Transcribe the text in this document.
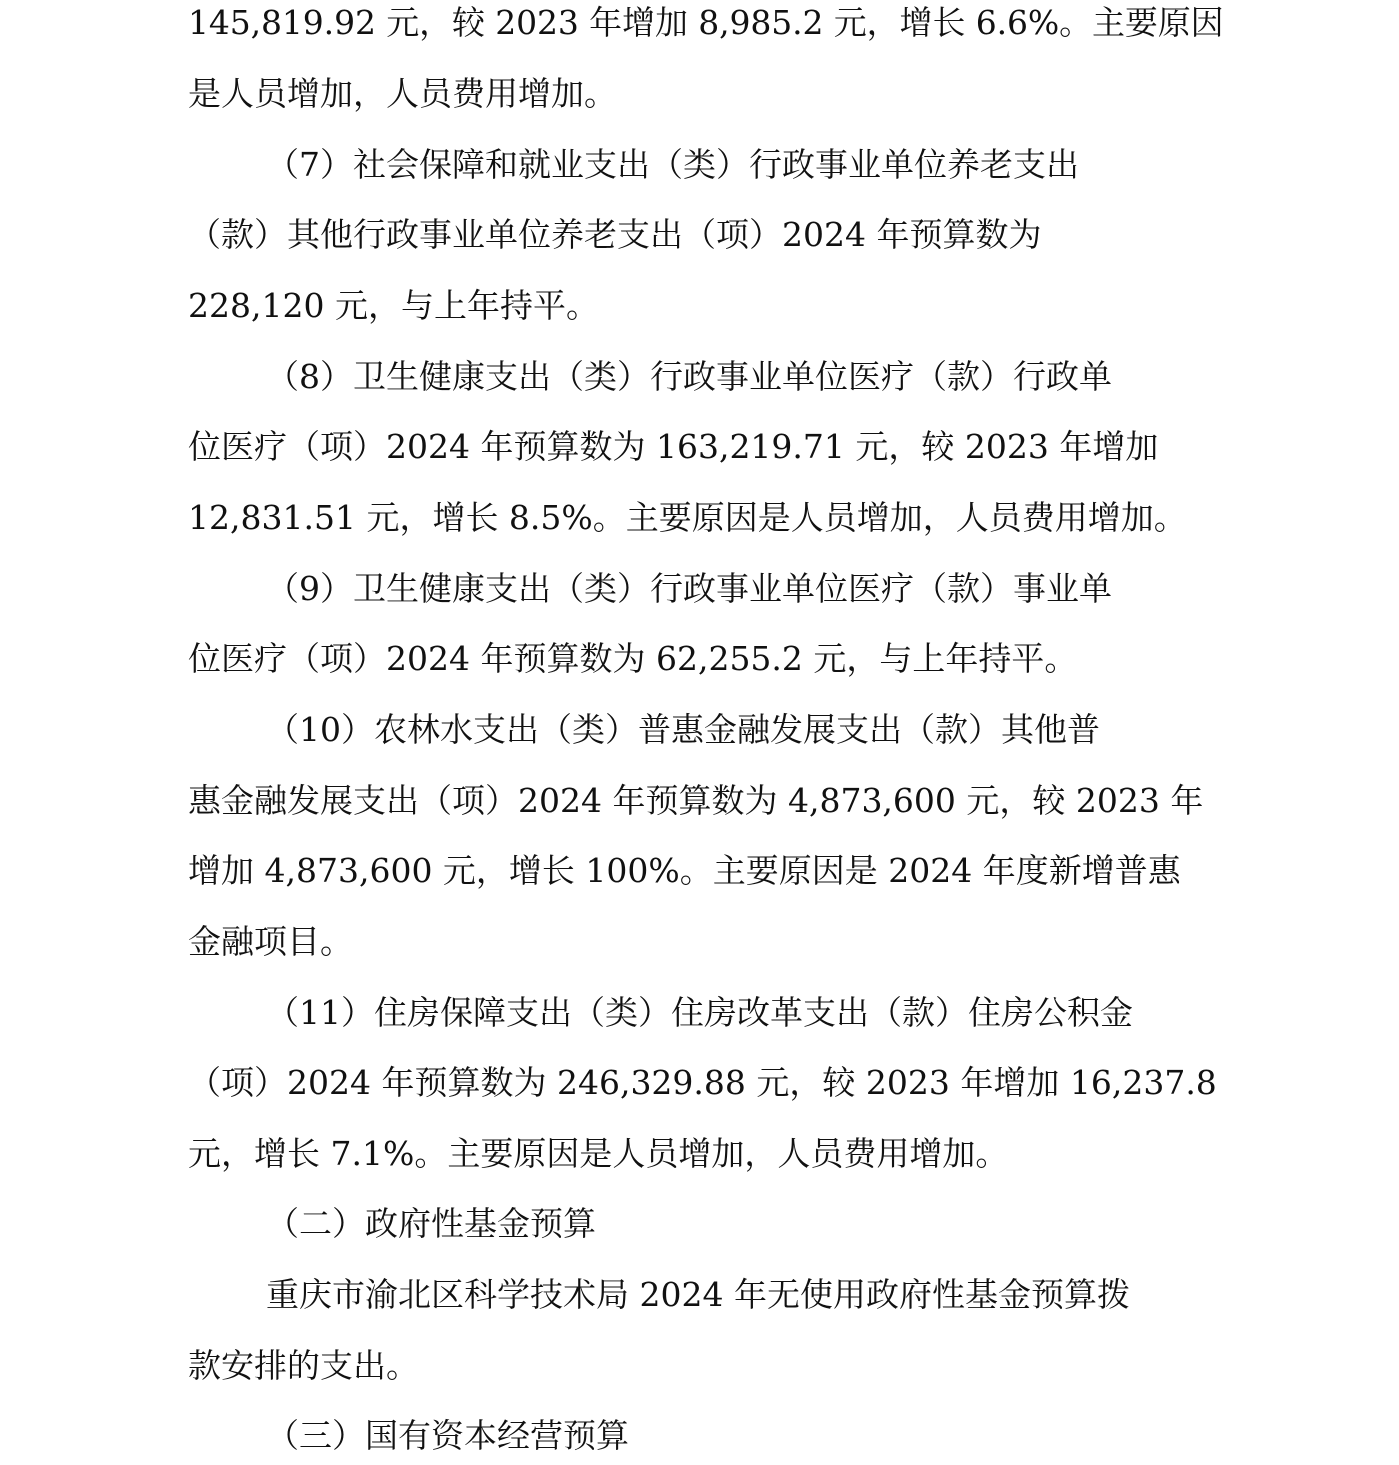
145,819.92 元，较 2023 年增加 8,985.2 元，增长 6.6%。主要原因
是人员增加，人员费用增加。
（7）社会保障和就业支出（类）行政事业单位养老支出
（款）其他行政事业单位养老支出（项）2024 年预算数为
228,120 元，与上年持平。
（8）卫生健康支出（类）行政事业单位医疗（款）行政单
位医疗（项）2024 年预算数为 163,219.71 元，较 2023 年增加
12,831.51 元，增长 8.5%。主要原因是人员增加，人员费用增加。
（9）卫生健康支出（类）行政事业单位医疗（款）事业单
位医疗（项）2024 年预算数为 62,255.2 元，与上年持平。
（10）农林水支出（类）普惠金融发展支出（款）其他普
惠金融发展支出（项）2024 年预算数为 4,873,600 元，较 2023 年
增加 4,873,600 元，增长 100%。主要原因是 2024 年度新增普惠
金融项目。
（11）住房保障支出（类）住房改革支出（款）住房公积金
（项）2024 年预算数为 246,329.88 元，较 2023 年增加 16,237.8
元，增长 7.1%。主要原因是人员增加，人员费用增加。
（二）政府性基金预算
重庆市渝北区科学技术局 2024 年无使用政府性基金预算拨
款安排的支出。
（三）国有资本经营预算
